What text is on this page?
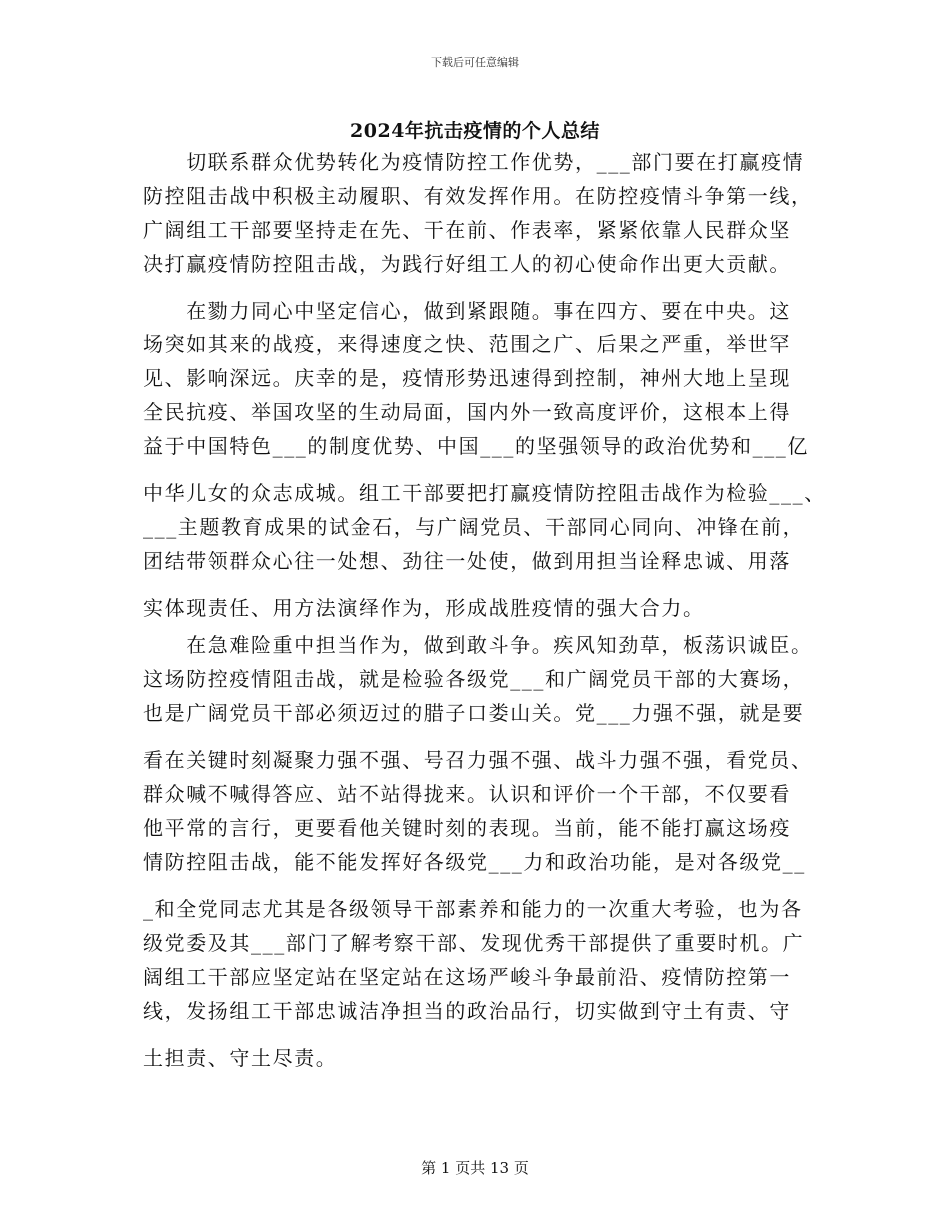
下载后可任意编辑
2024年抗击疫情的个人总结
　　切联系群众优势转化为疫情防控工作优势，___部门要在打赢疫情
防控阻击战中积极主动履职、有效发挥作用。在防控疫情斗争第一线，
广阔组工干部要坚持走在先、干在前、作表率，紧紧依靠人民群众坚
决打赢疫情防控阻击战，为践行好组工人的初心使命作出更大贡献。
　　在勠力同心中坚定信心，做到紧跟随。事在四方、要在中央。这
场突如其来的战疫，来得速度之快、范围之广、后果之严重，举世罕
见、影响深远。庆幸的是，疫情形势迅速得到控制，神州大地上呈现
全民抗疫、举国攻坚的生动局面，国内外一致高度评价，这根本上得
益于中国特色___的制度优势、中国___的坚强领导的政治优势和___亿
中华儿女的众志成城。组工干部要把打赢疫情防控阻击战作为检验___、
___主题教育成果的试金石，与广阔党员、干部同心同向、冲锋在前，
团结带领群众心往一处想、劲往一处使，做到用担当诠释忠诚、用落
实体现责任、用方法演绎作为，形成战胜疫情的强大合力。
　　在急难险重中担当作为，做到敢斗争。疾风知劲草，板荡识诚臣。
这场防控疫情阻击战，就是检验各级党___和广阔党员干部的大赛场，
也是广阔党员干部必须迈过的腊子口娄山关。党___力强不强，就是要
看在关键时刻凝聚力强不强、号召力强不强、战斗力强不强，看党员、
群众喊不喊得答应、站不站得拢来。认识和评价一个干部，不仅要看
他平常的言行，更要看他关键时刻的表现。当前，能不能打赢这场疫
情防控阻击战，能不能发挥好各级党___力和政治功能，是对各级党__
_和全党同志尤其是各级领导干部素养和能力的一次重大考验，也为各
级党委及其___部门了解考察干部、发现优秀干部提供了重要时机。广
阔组工干部应坚定站在坚定站在这场严峻斗争最前沿、疫情防控第一
线，发扬组工干部忠诚洁净担当的政治品行，切实做到守土有责、守
土担责、守土尽责。
第 1 页共 13 页
